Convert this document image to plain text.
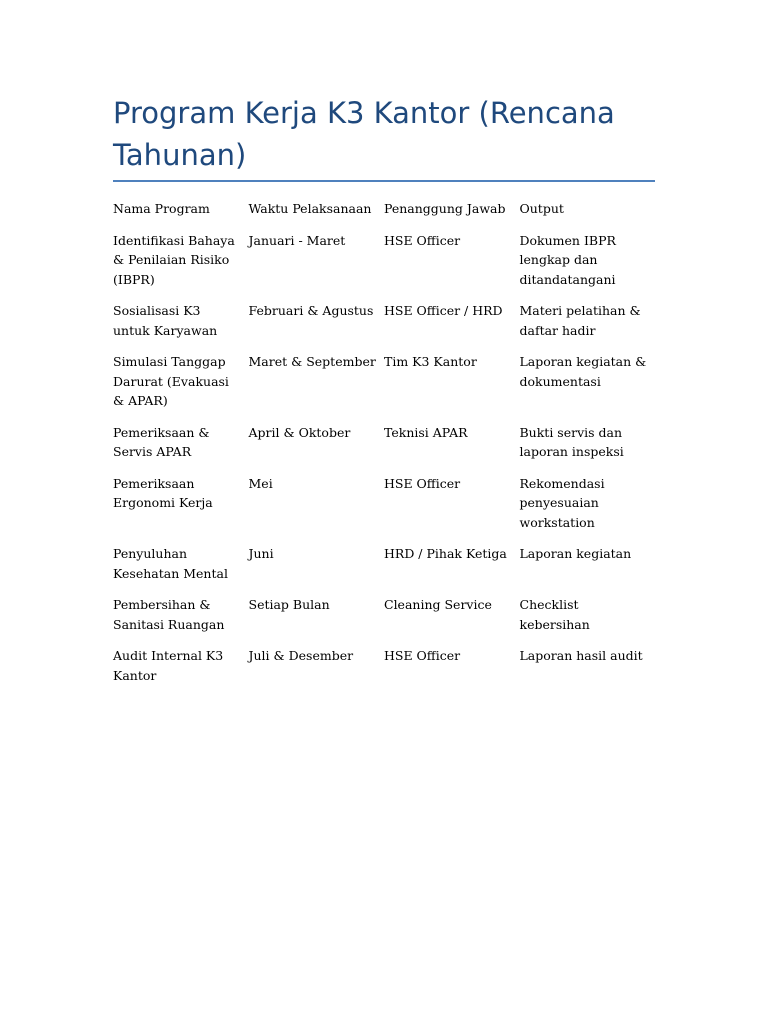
Program Kerja K3 Kantor (Rencana Tahunan)
Nama Program	Waktu Pelaksanaan	Penanggung Jawab	Output
Identifikasi Bahaya & Penilaian Risiko (IBPR)	Januari - Maret	HSE Officer	Dokumen IBPR lengkap dan ditandatangani
Sosialisasi K3 untuk Karyawan	Februari & Agustus	HSE Officer / HRD	Materi pelatihan & daftar hadir
Simulasi Tanggap Darurat (Evakuasi & APAR)	Maret & September	Tim K3 Kantor	Laporan kegiatan & dokumentasi
Pemeriksaan & Servis APAR	April & Oktober	Teknisi APAR	Bukti servis dan laporan inspeksi
Pemeriksaan Ergonomi Kerja	Mei	HSE Officer	Rekomendasi penyesuaian workstation
Penyuluhan Kesehatan Mental	Juni	HRD / Pihak Ketiga	Laporan kegiatan
Pembersihan & Sanitasi Ruangan	Setiap Bulan	Cleaning Service	Checklist kebersihan
Audit Internal K3 Kantor	Juli & Desember	HSE Officer	Laporan hasil audit
